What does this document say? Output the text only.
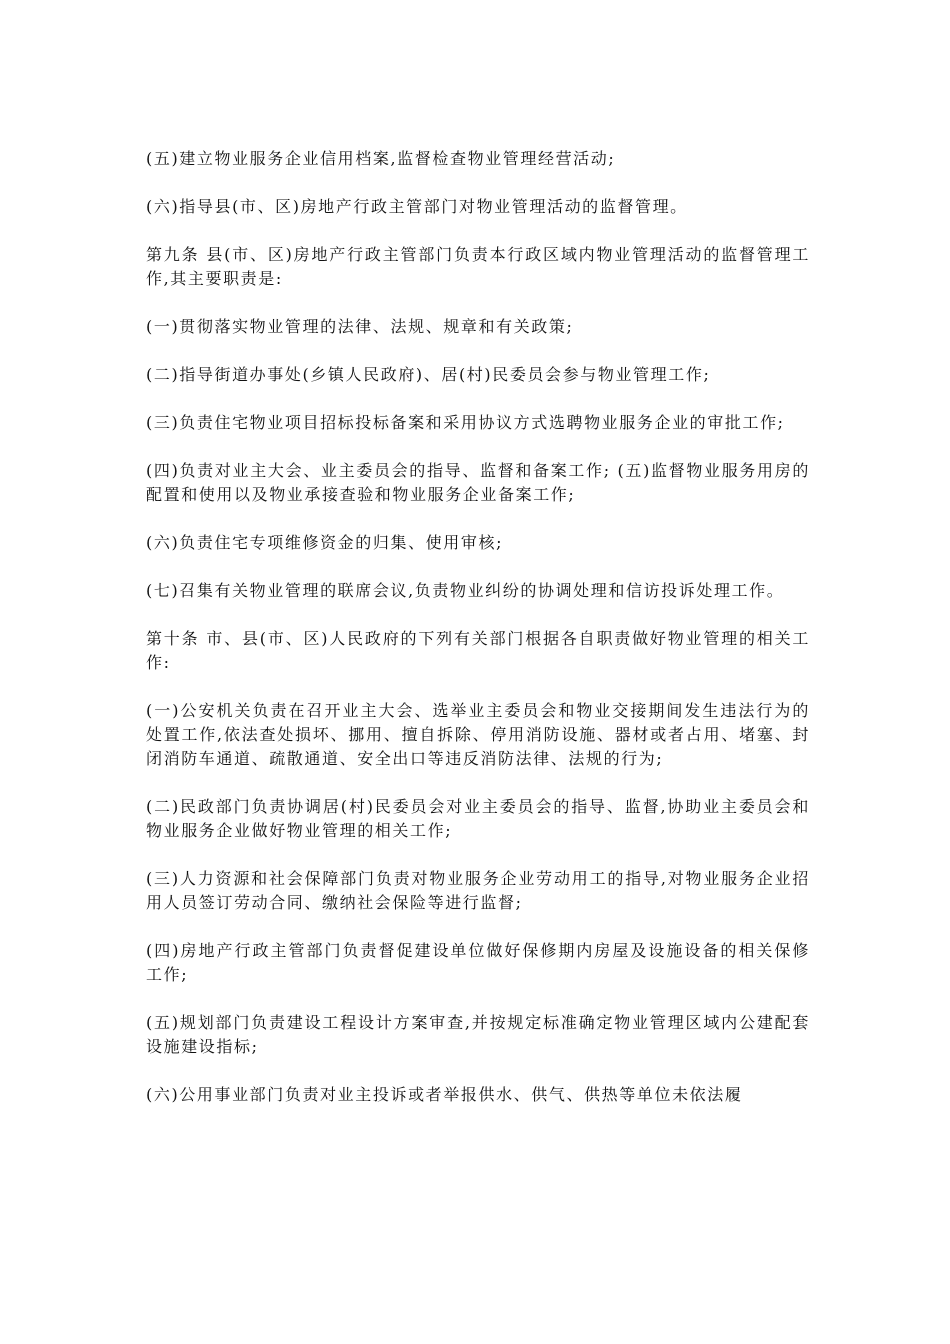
(五)建立物业服务企业信用档案,监督检查物业管理经营活动;

(六)指导县(市、区)房地产行政主管部门对物业管理活动的监督管理。

第九条 县(市、区)房地产行政主管部门负责本行政区域内物业管理活动的监督管理工作,其主要职责是:

(一)贯彻落实物业管理的法律、法规、规章和有关政策;

(二)指导街道办事处(乡镇人民政府)、居(村)民委员会参与物业管理工作;

(三)负责住宅物业项目招标投标备案和采用协议方式选聘物业服务企业的审批工作;

(四)负责对业主大会、业主委员会的指导、监督和备案工作; (五)监督物业服务用房的配置和使用以及物业承接查验和物业服务企业备案工作;

(六)负责住宅专项维修资金的归集、使用审核;

(七)召集有关物业管理的联席会议,负责物业纠纷的协调处理和信访投诉处理工作。

第十条 市、县(市、区)人民政府的下列有关部门根据各自职责做好物业管理的相关工作:

(一)公安机关负责在召开业主大会、选举业主委员会和物业交接期间发生违法行为的处置工作,依法查处损坏、挪用、擅自拆除、停用消防设施、器材或者占用、堵塞、封闭消防车通道、疏散通道、安全出口等违反消防法律、法规的行为;

(二)民政部门负责协调居(村)民委员会对业主委员会的指导、监督,协助业主委员会和物业服务企业做好物业管理的相关工作;

(三)人力资源和社会保障部门负责对物业服务企业劳动用工的指导,对物业服务企业招用人员签订劳动合同、缴纳社会保险等进行监督;

(四)房地产行政主管部门负责督促建设单位做好保修期内房屋及设施设备的相关保修工作;

(五)规划部门负责建设工程设计方案审查,并按规定标准确定物业管理区域内公建配套设施建设指标;

(六)公用事业部门负责对业主投诉或者举报供水、供气、供热等单位未依法履
